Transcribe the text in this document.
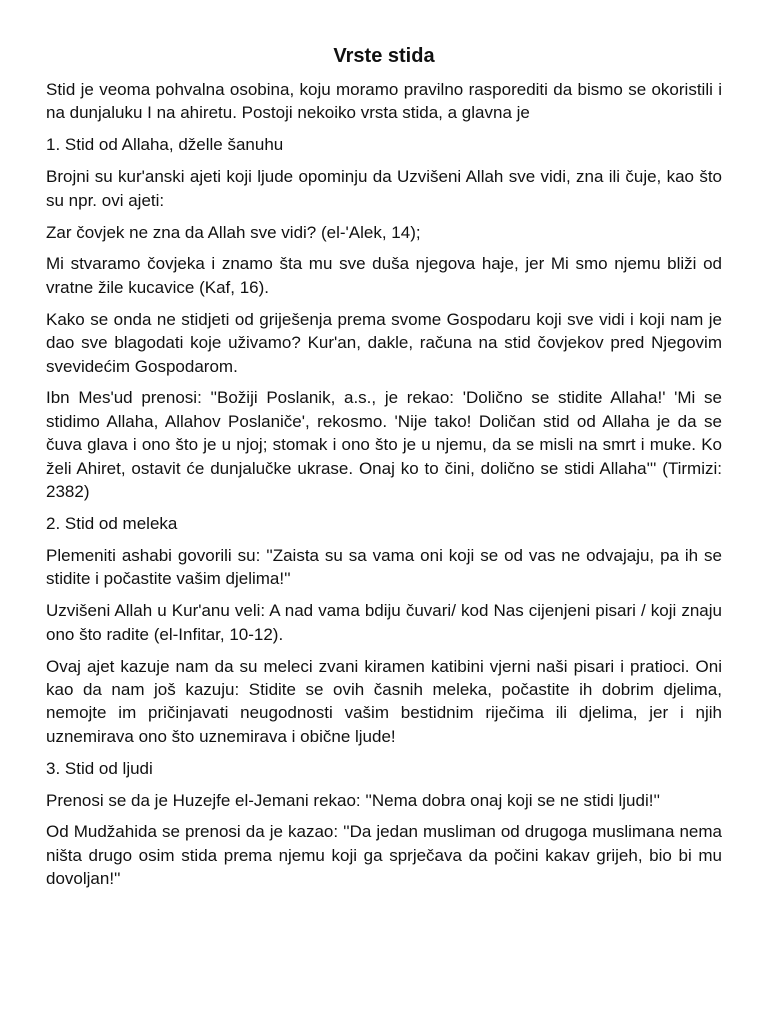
Vrste stida

Stid je veoma pohvalna osobina, koju moramo pravilno rasporediti da bismo se okoristili i na dunjaluku I na ahiretu. Postoji nekoiko vrsta stida, a glavna je

1. Stid od Allaha, dželle šanuhu

Brojni su kur'anski ajeti koji ljude opominju da Uzvišeni Allah sve vidi, zna ili čuje, kao što su npr. ovi ajeti:

Zar čovjek ne zna da Allah sve vidi? (el-'Alek, 14);

Mi stvaramo čovjeka i znamo šta mu sve duša njegova haje, jer Mi smo njemu bliži od vratne žile kucavice (Kaf, 16).

Kako se onda ne stidjeti od griješenja prema svome Gospodaru koji sve vidi i koji nam je dao sve blagodati koje uživamo? Kur'an, dakle, računa na stid čovjekov pred Njegovim svevidećim Gospodarom.

Ibn Mes'ud prenosi: ''Božiji Poslanik, a.s., je rekao: 'Dolično se stidite Allaha!' 'Mi se stidimo Allaha, Allahov Poslaniče', rekosmo. 'Nije tako! Doličan stid od Allaha je da se čuva glava i ono što je u njoj; stomak i ono što je u njemu, da se misli na smrt i muke. Ko želi Ahiret, ostavit će dunjalučke ukrase. Onaj ko to čini, dolično se stidi Allaha''' (Tirmizi: 2382)

2. Stid od meleka

Plemeniti ashabi govorili su: ''Zaista su sa vama oni koji se od vas ne odvajaju, pa ih se stidite i počastite vašim djelima!''

Uzvišeni Allah u Kur'anu veli: A nad vama bdiju čuvari/ kod Nas cijenjeni pisari / koji znaju ono što radite (el-Infitar, 10-12).

Ovaj ajet kazuje nam da su meleci zvani kiramen katibini vjerni naši pisari i pratioci. Oni kao da nam još kazuju: Stidite se ovih časnih meleka, počastite ih dobrim djelima, nemojte im pričinjavati neugodnosti vašim bestidnim riječima ili djelima, jer i njih uznemirava ono što uznemirava i obične ljude!

3. Stid od ljudi

Prenosi se da je Huzejfe el-Jemani rekao: ''Nema dobra onaj koji se ne stidi ljudi!''

Od Mudžahida se prenosi da je kazao: ''Da jedan musliman od drugoga muslimana nema ništa drugo osim stida prema njemu koji ga sprječava da počini kakav grijeh, bio bi mu dovoljan!''
